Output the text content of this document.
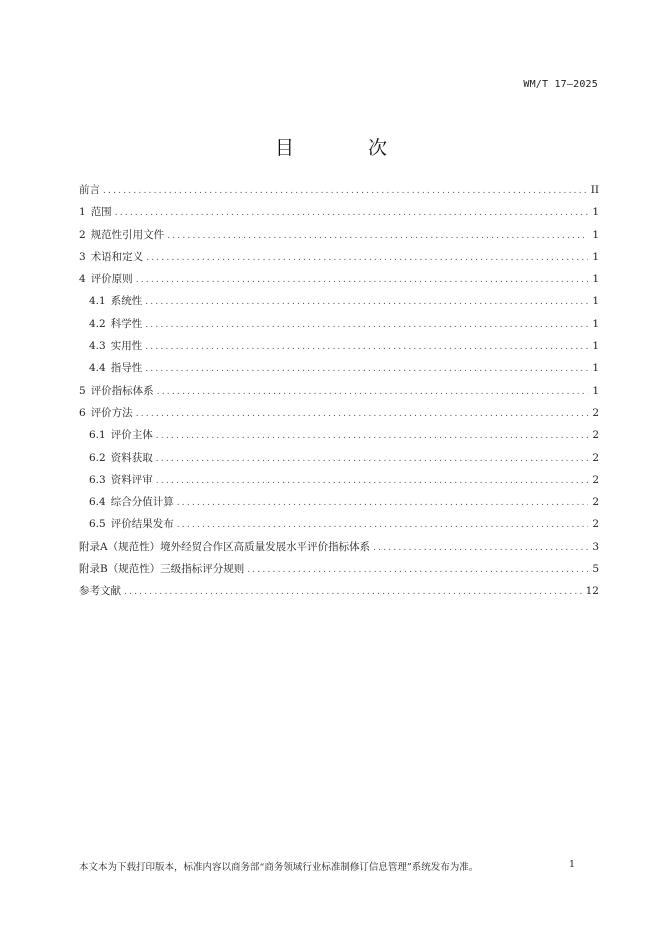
WM/T 17—2025
目 次
前言 .....	II
1 范围 .....	1
2 规范性引用文件 .....	1
3 术语和定义 .....	1
4 评价原则 .....	1
4.1 系统性 .....	1
4.2 科学性 .....	1
4.3 实用性 .....	1
4.4 指导性 .....	1
5 评价指标体系 .....	1
6 评价方法 .....	2
6.1 评价主体 .....	2
6.2 资料获取 .....	2
6.3 资料评审 .....	2
6.4 综合分值计算 .....	2
6.5 评价结果发布 .....	2
附录A（规范性）境外经贸合作区高质量发展水平评价指标体系 .....	3
附录B（规范性）三级指标评分规则 .....	5
参考文献 .....	12
本文本为下载打印版本，标准内容以商务部“商务领域行业标准制修订信息管理”系统发布为准。	1
